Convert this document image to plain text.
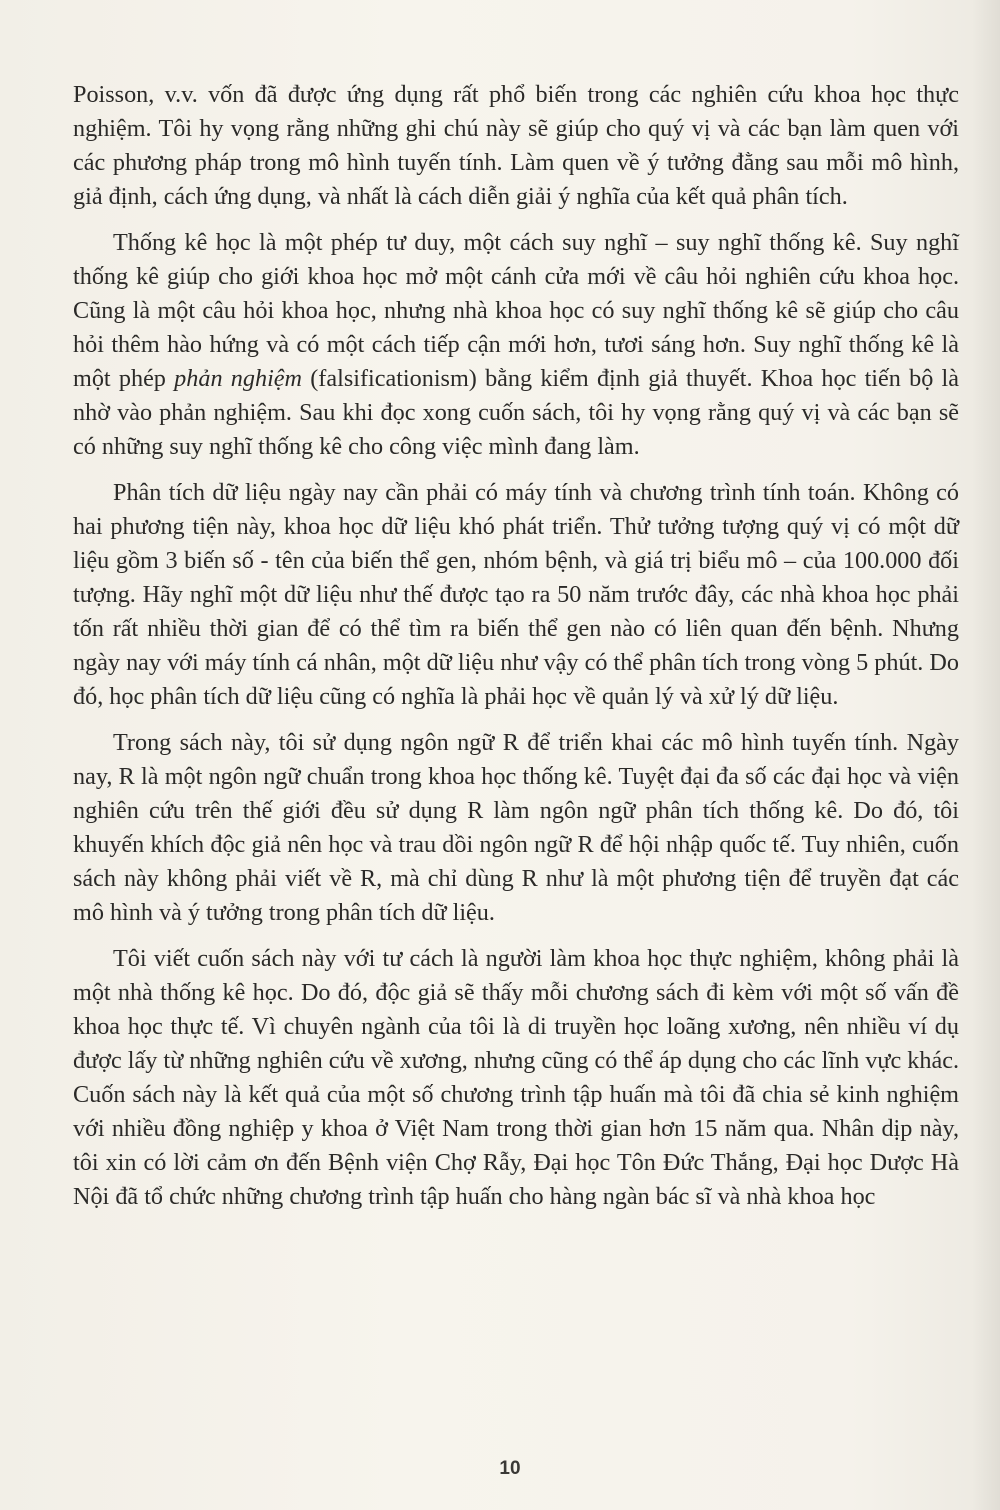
Poisson, v.v. vốn đã được ứng dụng rất phổ biến trong các nghiên cứu khoa học thực nghiệm. Tôi hy vọng rằng những ghi chú này sẽ giúp cho quý vị và các bạn làm quen với các phương pháp trong mô hình tuyến tính. Làm quen về ý tưởng đằng sau mỗi mô hình, giả định, cách ứng dụng, và nhất là cách diễn giải ý nghĩa của kết quả phân tích.

Thống kê học là một phép tư duy, một cách suy nghĩ – suy nghĩ thống kê. Suy nghĩ thống kê giúp cho giới khoa học mở một cánh cửa mới về câu hỏi nghiên cứu khoa học. Cũng là một câu hỏi khoa học, nhưng nhà khoa học có suy nghĩ thống kê sẽ giúp cho câu hỏi thêm hào hứng và có một cách tiếp cận mới hơn, tươi sáng hơn. Suy nghĩ thống kê là một phép phản nghiệm (falsificationism) bằng kiểm định giả thuyết. Khoa học tiến bộ là nhờ vào phản nghiệm. Sau khi đọc xong cuốn sách, tôi hy vọng rằng quý vị và các bạn sẽ có những suy nghĩ thống kê cho công việc mình đang làm.

Phân tích dữ liệu ngày nay cần phải có máy tính và chương trình tính toán. Không có hai phương tiện này, khoa học dữ liệu khó phát triển. Thử tưởng tượng quý vị có một dữ liệu gồm 3 biến số - tên của biến thể gen, nhóm bệnh, và giá trị biểu mô – của 100.000 đối tượng. Hãy nghĩ một dữ liệu như thế được tạo ra 50 năm trước đây, các nhà khoa học phải tốn rất nhiều thời gian để có thể tìm ra biến thể gen nào có liên quan đến bệnh. Nhưng ngày nay với máy tính cá nhân, một dữ liệu như vậy có thể phân tích trong vòng 5 phút. Do đó, học phân tích dữ liệu cũng có nghĩa là phải học về quản lý và xử lý dữ liệu.

Trong sách này, tôi sử dụng ngôn ngữ R để triển khai các mô hình tuyến tính. Ngày nay, R là một ngôn ngữ chuẩn trong khoa học thống kê. Tuyệt đại đa số các đại học và viện nghiên cứu trên thế giới đều sử dụng R làm ngôn ngữ phân tích thống kê. Do đó, tôi khuyến khích độc giả nên học và trau dồi ngôn ngữ R để hội nhập quốc tế. Tuy nhiên, cuốn sách này không phải viết về R, mà chỉ dùng R như là một phương tiện để truyền đạt các mô hình và ý tưởng trong phân tích dữ liệu.

Tôi viết cuốn sách này với tư cách là người làm khoa học thực nghiệm, không phải là một nhà thống kê học. Do đó, độc giả sẽ thấy mỗi chương sách đi kèm với một số vấn đề khoa học thực tế. Vì chuyên ngành của tôi là di truyền học loãng xương, nên nhiều ví dụ được lấy từ những nghiên cứu về xương, nhưng cũng có thể áp dụng cho các lĩnh vực khác. Cuốn sách này là kết quả của một số chương trình tập huấn mà tôi đã chia sẻ kinh nghiệm với nhiều đồng nghiệp y khoa ở Việt Nam trong thời gian hơn 15 năm qua. Nhân dịp này, tôi xin có lời cảm ơn đến Bệnh viện Chợ Rẫy, Đại học Tôn Đức Thắng, Đại học Dược Hà Nội đã tổ chức những chương trình tập huấn cho hàng ngàn bác sĩ và nhà khoa học

10
